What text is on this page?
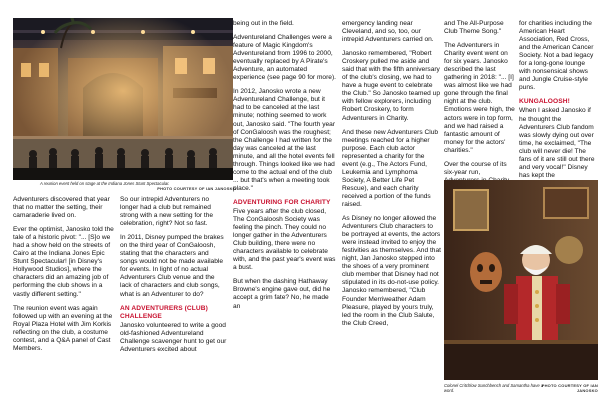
A reunion event held on stage at the Indiana Jones Stunt Spectacular.
PHOTO COURTESY OF IAN JANOSKO

Adventurers discovered that year that no matter the setting, their camaraderie lived on.

Ever the optimist, Janosko told the tale of a historic pivot: "... [S]o we had a show held on the streets of Cairo at the Indiana Jones Epic Stunt Spectacular! [in Disney's Hollywood Studios], where the characters did an amazing job of performing the club shows in a vastly different setting."

The reunion event was again followed up with an evening at the Royal Plaza Hotel with Jim Korkis reflecting on the club, a costume contest, and a Q&A panel of Cast Members.

So our intrepid Adventurers no longer had a club but remained strong with a new setting for the celebration, right? Not so fast.

In 2011, Disney pumped the brakes on the third year of ConGaloosh, stating that the characters and songs would not be made available for events. In light of no actual Adventurers Club venue and the lack of characters and club songs, what is an Adventurer to do?

AN ADVENTURERS (CLUB) CHALLENGE

Janosko volunteered to write a good old-fashioned Adventureland Challenge scavenger hunt to get our Adventurers excited about

being out in the field.

Adventureland Challenges were a feature of Magic Kingdom's Adventureland from 1996 to 2000, eventually replaced by A Pirate's Adventure, an automated experience (see page 90 for more).

In 2012, Janosko wrote a new Adventureland Challenge, but it had to be canceled at the last minute; nothing seemed to work out, Janosko said. "The fourth year of ConGaloosh was the roughest; the Challenge I had written for the day was canceled at the last minute, and all the hotel events fell through. Things looked like we had come to the actual end of the club ... but that's when a meeting took place."

ADVENTURING FOR CHARITY

Five years after the club closed, The ConGaloosh Society was feeling the pinch. They could no longer gather in the Adventurers Club building, there were no characters available to celebrate with, and the past year's event was a bust.

But when the dashing Hathaway Browne's engine gave out, did he accept a grim fate? No, he made an

emergency landing near Cleveland, and so, too, our intrepid Adventurers carried on.

Janosko remembered, "Robert Croskery pulled me aside and said that with the fifth anniversary of the club's closing, we had to have a huge event to celebrate the Club." So Janosko teamed up with fellow explorers, including Robert Croskery, to form Adventurers in Charity.

And these new Adventurers Club meetings reached for a higher purpose. Each club actor represented a charity for the event (e.g., The Actors Fund, Leukemia and Lymphoma Society, A Better Life Pet Rescue), and each charity received a portion of the funds raised.

As Disney no longer allowed the Adventurers Club characters to be portrayed at events, the actors were instead invited to enjoy the festivities as themselves. And that night, Jan Janosko stepped into the shoes of a very prominent club member that Disney had not stipulated in its do-not-use policy. Janosko remembered, "Club Founder Merriweather Adam Pleasure, played by yours truly, led the room in the Club Salute, the Club Creed,

and The All-Purpose Club Theme Song."

The Adventurers in Charity event went on for six years. Janosko described the last gathering in 2018: "... [I] was almost like we had gone through the final night at the club. Emotions were high, the actors were in top form, and we had raised a fantastic amount of money for the actors' charities."

Over the course of its six-year run,

for charities including the American Heart Association, Red Cross, and the American Cancer Society. Not a bad legacy for a long-gone lounge with nonsensical shows and Jungle Cruise-style puns.

KUNGALOOSH!

When I asked Janosko if he thought the Adventurers Club fandom was slowly dying out over time, he exclaimed, "The club will never die! The fans of it are still out there and very vocal!" Disney has kept the

Colonel Critchlow Sunchbench and Samantha have a word.
PHOTO COURTESY OF IAN JANOSKO
